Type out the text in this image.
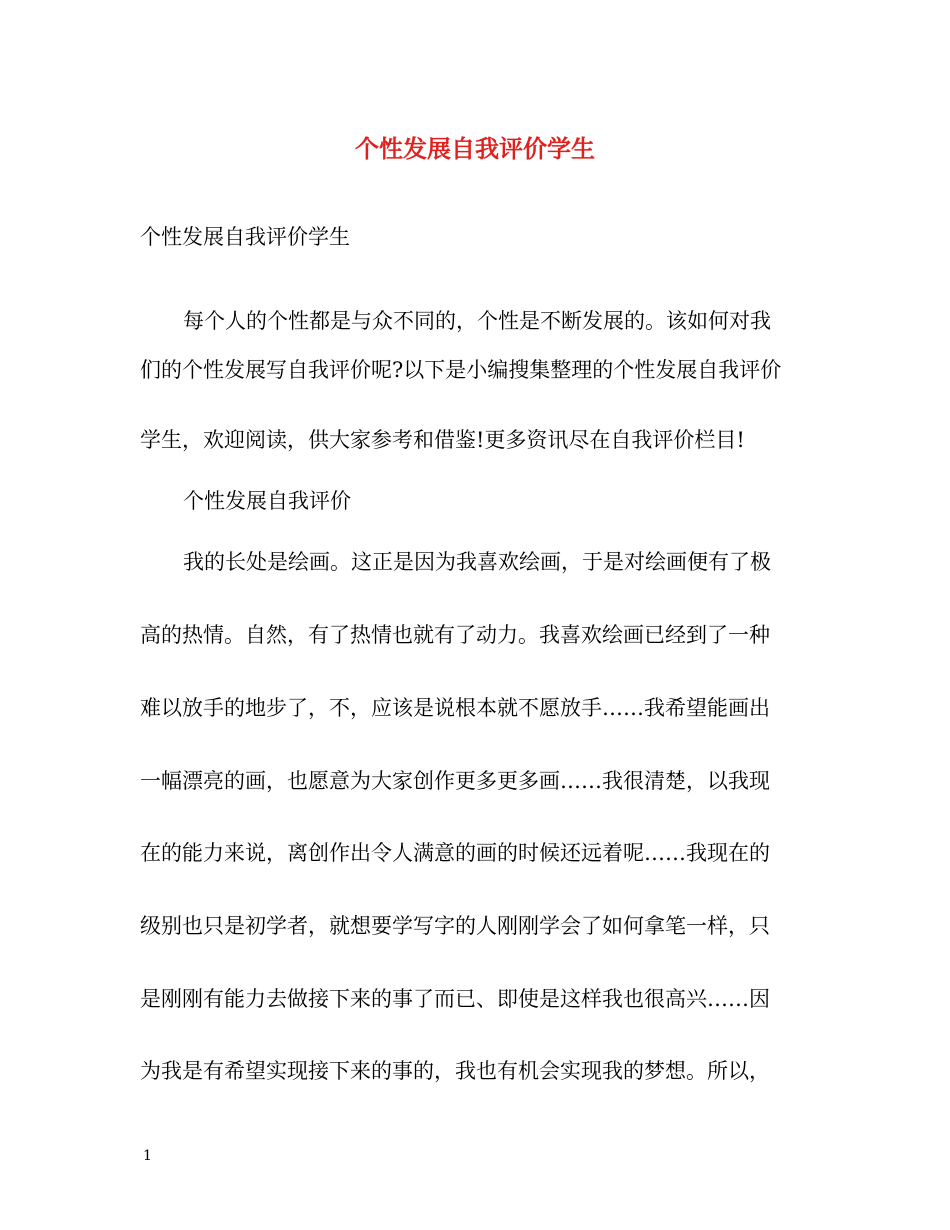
个性发展自我评价学生
个性发展自我评价学生
每个人的个性都是与众不同的，个性是不断发展的。该如何对我
们的个性发展写自我评价呢?以下是小编搜集整理的个性发展自我评价
学生，欢迎阅读，供大家参考和借鉴!更多资讯尽在自我评价栏目!
个性发展自我评价
我的长处是绘画。这正是因为我喜欢绘画，于是对绘画便有了极
高的热情。自然，有了热情也就有了动力。我喜欢绘画已经到了一种
难以放手的地步了，不，应该是说根本就不愿放手……我希望能画出
一幅漂亮的画，也愿意为大家创作更多更多画……我很清楚，以我现
在的能力来说，离创作出令人满意的画的时候还远着呢……我现在的
级别也只是初学者，就想要学写字的人刚刚学会了如何拿笔一样，只
是刚刚有能力去做接下来的事了而已、即使是这样我也很高兴……因
为我是有希望实现接下来的事的，我也有机会实现我的梦想。所以，
1
